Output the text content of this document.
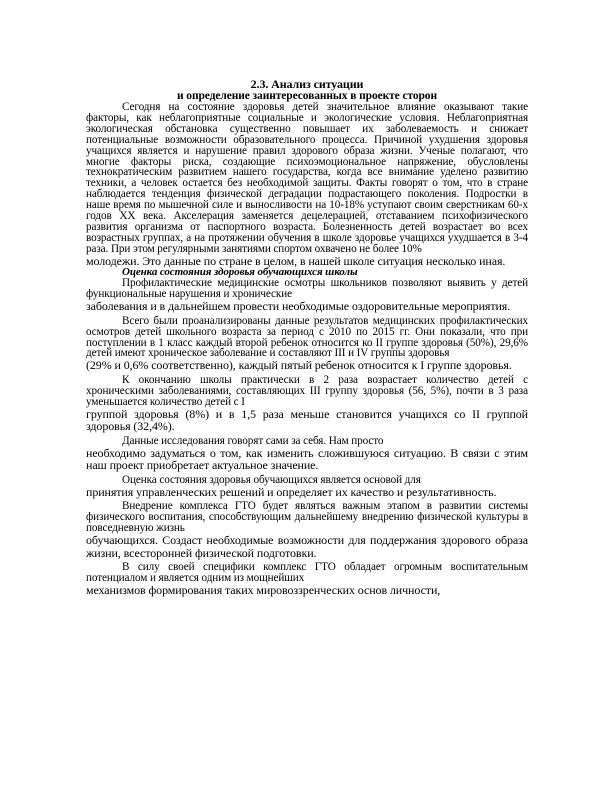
2.3. Анализ ситуации

и определение заинтересованных в проекте сторон

Сегодня на состояние здоровья детей значительное влияние оказывают такие факторы, как неблагоприятные социальные и экологические условия. Неблагоприятная экологическая обстановка существенно повышает их заболеваемость и снижает потенциальные возможности образовательного процесса. Причиной ухудшения здоровья учащихся является и нарушение правил здорового образа жизни. Ученые полагают, что многие факторы риска, создающие психоэмоциональное напряжение, обусловлены технократическим развитием нашего государства, когда все внимание уделено развитию техники, а человек остается без необходимой защиты. Факты говорят о том, что в стране наблюдается тенденция физической деградации подрастающего поколения. Подростки в наше время по мышечной силе и выносливости на 10-18% уступают своим сверстникам 60-х годов ХХ века. Акселерация заменяется децелерацией, отставанием психофизического развития организма от паспортного возраста. Болезненность детей возрастает во всех возрастных группах, а на протяжении обучения в школе здоровье учащихся ухудшается в 3-4 раза. При этом регулярными занятиями спортом охвачено не более 10%

молодежи. Это данные по стране в целом, в нашей школе ситуация несколько иная.

Оценка состояния здоровья обучающихся школы

Профилактические медицинские осмотры школьников позволяют выявить у детей функциональные нарушения и хронические

заболевания и в дальнейшем провести необходимые оздоровительные мероприятия.

Всего были проанализированы данные результатов медицинских профилактических осмотров детей школьного возраста за период с 2010 по 2015 гг. Они показали, что при поступлении в 1 класс каждый второй ребенок относится ко II группе здоровья (50%), 29,6% детей имеют хроническое заболевание и составляют III и IV группы здоровья

(29% и 0,6% соответственно), каждый пятый ребенок относится к I группе здоровья.

К окончанию школы практически в 2 раза возрастает количество детей с хроническими заболеваниями, составляющих III группу здоровья (56, 5%), почти в 3 раза уменьшается количество детей с I

группой здоровья (8%) и в 1,5 раза меньше становится учащихся со II группой здоровья (32,4%).

Данные исследования говорят сами за себя. Нам просто

необходимо задуматься о том, как изменить сложившуюся ситуацию. В связи с этим наш проект приобретает актуальное значение.

Оценка состояния здоровья обучающихся является основой для

принятия управленческих решений и определяет их качество и результативность.

Внедрение комплекса ГТО будет являться важным этапом в развитии системы физического воспитания, способствующим дальнейшему внедрению физической культуры в повседневную жизнь

обучающихся. Создаст необходимые возможности для поддержания здорового образа жизни, всесторонней физической подготовки.

В силу своей специфики комплекс ГТО обладает огромным воспитательным потенциалом и является одним из мощнейших

механизмов формирования таких мировоззренческих основ личности,
